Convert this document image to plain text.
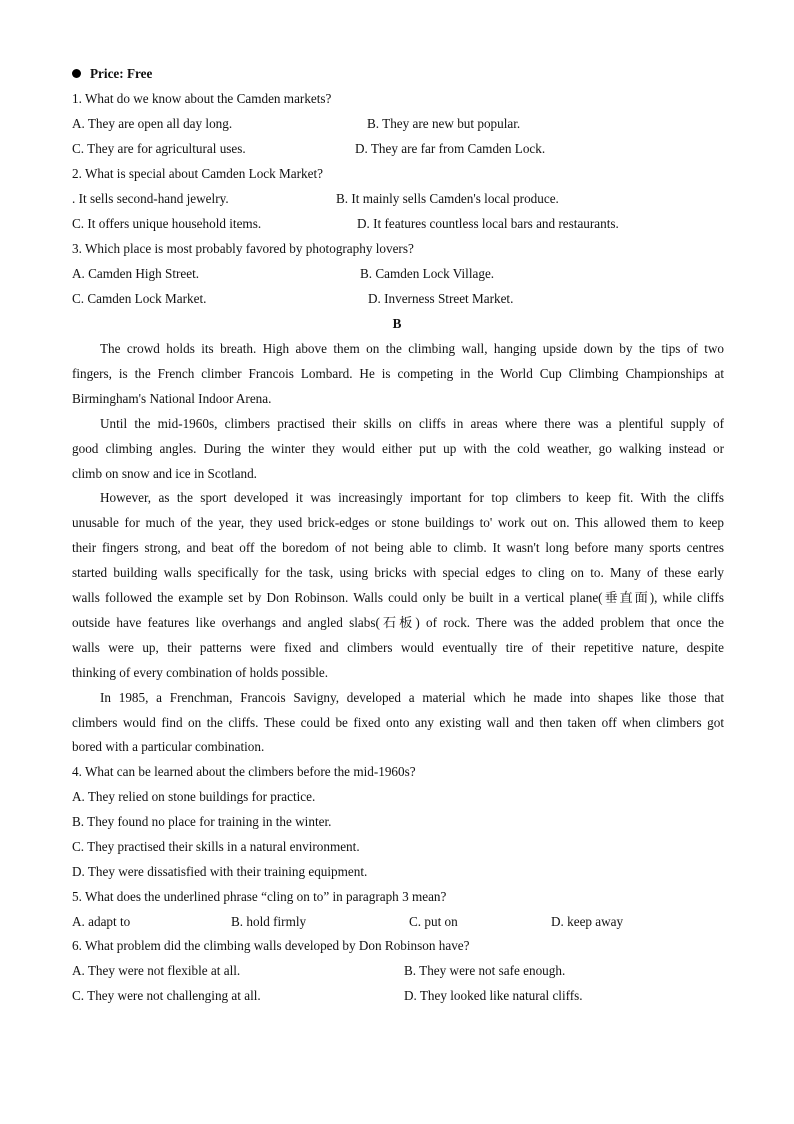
Price: Free
1. What do we know about the Camden markets?
A. They are open all day long.	B. They are new but popular.
C. They are for agricultural uses.	D. They are far from Camden Lock.
2. What is special about Camden Lock Market?
. It sells second-hand jewelry.	B. It mainly sells Camden's local produce.
C. It offers unique household items.	D. It features countless local bars and restaurants.
3. Which place is most probably favored by photography lovers?
A. Camden High Street.	B. Camden Lock Village.
C. Camden Lock Market.	D. Inverness Street Market.
B
The crowd holds its breath. High above them on the climbing wall, hanging upside down by the tips of two
fingers, is the French climber Francois Lombard. He is competing in the World Cup Climbing Championships at
Birmingham's National Indoor Arena.
Until the mid-1960s, climbers practised their skills on cliffs in areas where there was a plentiful supply of
good climbing angles. During the winter they would either put up with the cold weather, go walking instead or
climb on snow and ice in Scotland.
However, as the sport developed it was increasingly important for top climbers to keep fit. With the cliffs
unusable for much of the year, they used brick-edges or stone buildings to' work out on. This allowed them to keep
their fingers strong, and beat off the boredom of not being able to climb. It wasn't long before many sports centres
started building walls specifically for the task, using bricks with special edges to cling on to. Many of these early
walls followed the example set by Don Robinson. Walls could only be built in a vertical plane(垂直面), while cliffs
outside have features like overhangs and angled slabs(石板) of rock. There was the added problem that once the
walls were up, their patterns were fixed and climbers would eventually tire of their repetitive nature, despite
thinking of every combination of holds possible.
In 1985, a Frenchman, Francois Savigny, developed a material which he made into shapes like those that
climbers would find on the cliffs. These could be fixed onto any existing wall and then taken off when climbers got
bored with a particular combination.
4. What can be learned about the climbers before the mid-1960s?
A. They relied on stone buildings for practice.
B. They found no place for training in the winter.
C. They practised their skills in a natural environment.
D. They were dissatisfied with their training equipment.
5. What does the underlined phrase “cling on to” in paragraph 3 mean?
A. adapt to	B. hold firmly	C. put on	D. keep away
6. What problem did the climbing walls developed by Don Robinson have?
A. They were not flexible at all.	B. They were not safe enough.
C. They were not challenging at all.	D. They looked like natural cliffs.
